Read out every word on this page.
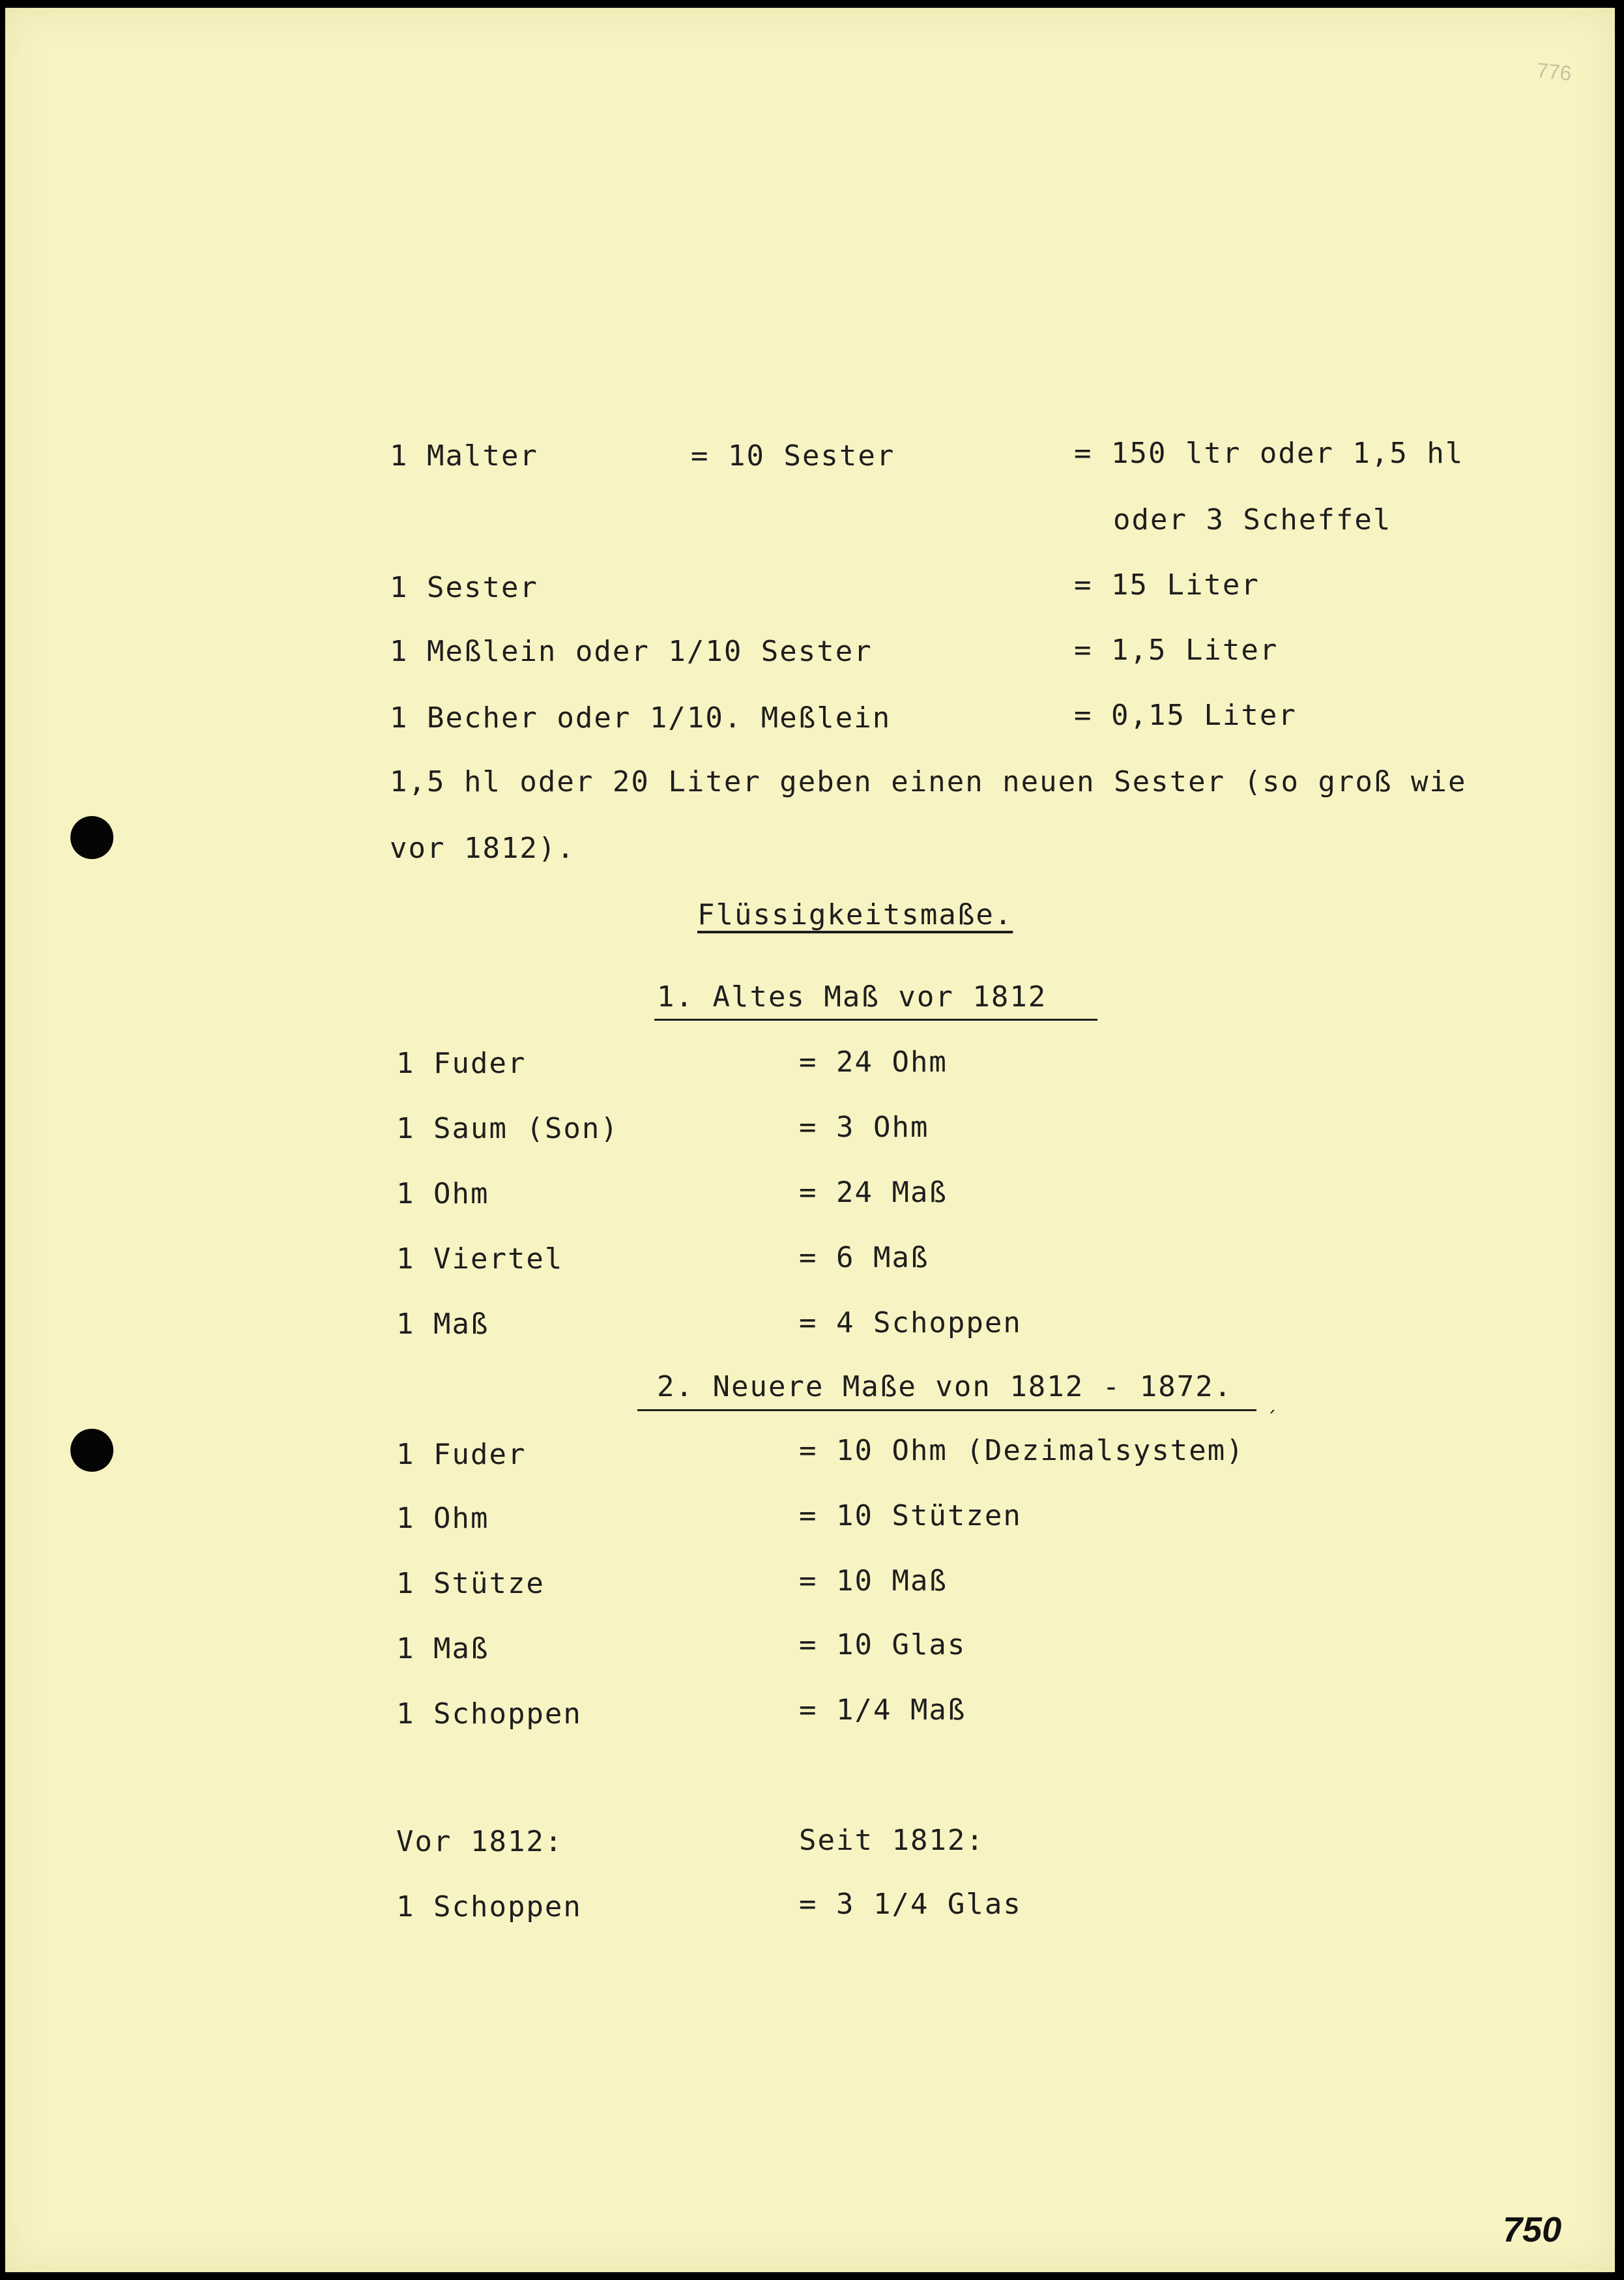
776
1 Malter	= 10 Sester	= 150 ltr oder 1,5 hl
oder 3 Scheffel
1 Sester	= 15 Liter
1 Meßlein oder 1/10 Sester	= 1,5 Liter
1 Becher oder 1/10. Meßlein	= 0,15 Liter
1,5 hl oder 20 Liter geben einen neuen Sester (so groß wie
vor 1812).
Flüssigkeitsmaße.
1. Altes Maß vor 1812
1 Fuder	= 24 Ohm
1 Saum (Son)	= 3 Ohm
1 Ohm	= 24 Maß
1 Viertel	= 6 Maß
1 Maß	= 4 Schoppen
2. Neuere Maße von 1812 - 1872.
´
1 Fuder	= 10 Ohm (Dezimalsystem)
1 Ohm	= 10 Stützen
1 Stütze	= 10 Maß
1 Maß	= 10 Glas
1 Schoppen	= 1/4 Maß
Vor 1812:	Seit 1812:
1 Schoppen	= 3 1/4 Glas
750
